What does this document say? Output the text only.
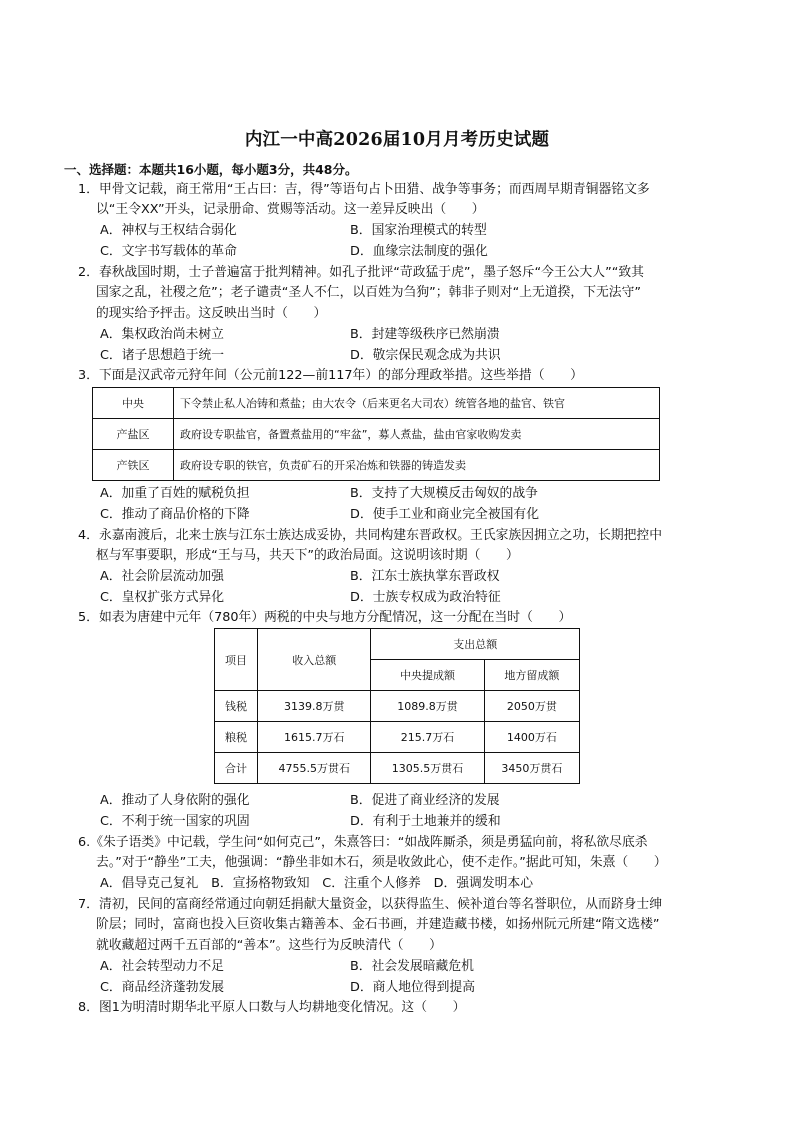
内江一中高2026届10月月考历史试题
一、选择题：本题共16小题，每小题3分，共48分。
1．甲骨文记载，商王常用“王占曰：吉，得”等语句占卜田猎、战争等事务；而西周早期青铜器铭文多
以“王令XX”开头，记录册命、赏赐等活动。这一差异反映出（　　）
A．神权与王权结合弱化	B．国家治理模式的转型
C．文字书写载体的革命	D．血缘宗法制度的强化
2．春秋战国时期，士子普遍富于批判精神。如孔子批评“苛政猛于虎”，墨子怒斥“今王公大人”“致其
国家之乱，社稷之危”；老子谴责“圣人不仁，以百姓为刍狗”；韩非子则对“上无道揆，下无法守”
的现实给予抨击。这反映出当时（　　）
A．集权政治尚未树立	B．封建等级秩序已然崩溃
C．诸子思想趋于统一	D．敬宗保民观念成为共识
3．下面是汉武帝元狩年间（公元前122—前117年）的部分理政举措。这些举措（　　）
中央	下令禁止私人冶铸和煮盐；由大农令（后来更名大司农）统管各地的盐官、铁官
产盐区	政府设专职盐官，备置煮盐用的“牢盆”，募人煮盐，盐由官家收购发卖
产铁区	政府设专职的铁官，负责矿石的开采冶炼和铁器的铸造发卖
A．加重了百姓的赋税负担	B．支持了大规模反击匈奴的战争
C．推动了商品价格的下降	D．使手工业和商业完全被国有化
4．永嘉南渡后，北来士族与江东士族达成妥协，共同构建东晋政权。王氏家族因拥立之功，长期把控中
枢与军事要职，形成“王与马，共天下”的政治局面。这说明该时期（　　）
A．社会阶层流动加强	B．江东士族执掌东晋政权
C．皇权扩张方式异化	D．士族专权成为政治特征
5．如表为唐建中元年（780年）两税的中央与地方分配情况，这一分配在当时（　　）
项目	收入总额	支出总额	
		中央提成额	地方留成额
钱税	3139.8万贯	1089.8万贯	2050万贯
粮税	1615.7万石	215.7万石	1400万石
合计	4755.5万贯石	1305.5万贯石	3450万贯石
A．推动了人身依附的强化	B．促进了商业经济的发展
C．不利于统一国家的巩固	D．有利于土地兼并的缓和
6.《朱子语类》中记载，学生问“如何克己”，朱熹答曰：“如战阵厮杀，须是勇猛向前，将私欲尽底杀
去。”对于“静坐”工夫，他强调：“静坐非如木石，须是收敛此心，使不走作。”据此可知，朱熹（　　）
A．倡导克己复礼　B．宣扬格物致知　C．注重个人修养　D．强调发明本心
7．清初，民间的富商经常通过向朝廷捐献大量资金，以获得监生、候补道台等名誉职位，从而跻身士绅
阶层；同时，富商也投入巨资收集古籍善本、金石书画，并建造藏书楼，如扬州阮元所建“隋文选楼”
就收藏超过两千五百部的“善本”。这些行为反映清代（　　）
A．社会转型动力不足	B．社会发展暗藏危机
C．商品经济蓬勃发展	D．商人地位得到提高
8．图1为明清时期华北平原人口数与人均耕地变化情况。这（　　）
